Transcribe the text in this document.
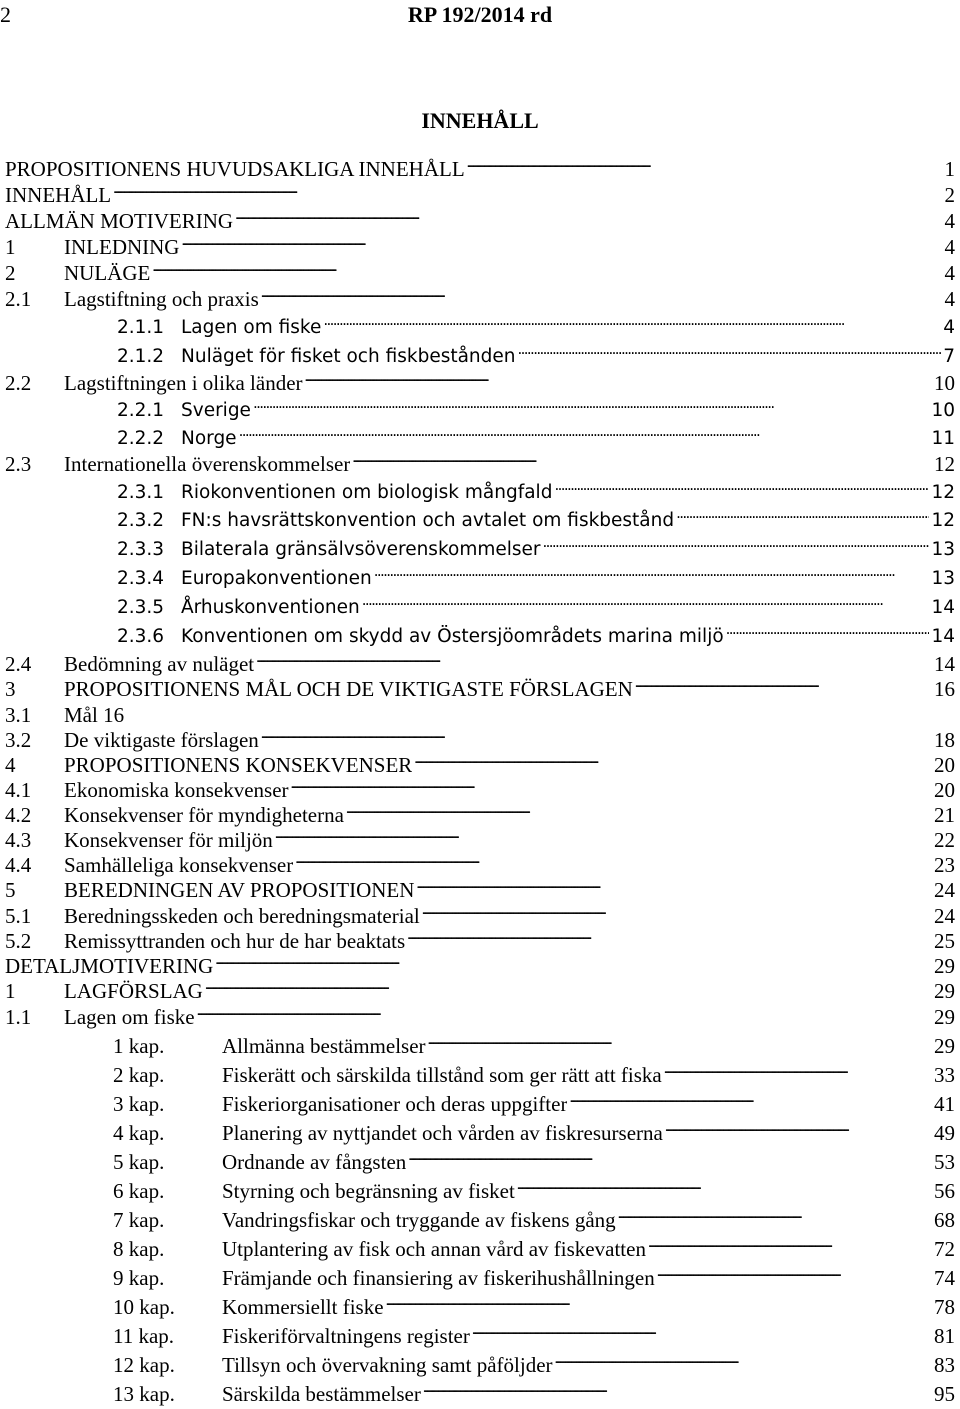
2	RP 192/2014 rd
INNEHÅLL
PROPOSITIONENS HUVUDSAKLIGA INNEHÅLL . . .	1
INNEHÅLL . . .	2
ALLMÄN MOTIVERING . . .	4
1	INLEDNING . . .	4
2	NULÄGE . . .	4
2.1	Lagstiftning och praxis . . .	4
2.1.1 Lagen om fiske . . .	4
2.1.2 Nuläget för fisket och fiskbestånden . . .	7
2.2	Lagstiftningen i olika länder . . .	10
2.2.1 Sverige . . .	10
2.2.2 Norge . . .	11
2.3	Internationella överenskommelser . . .	12
2.3.1 Riokonventionen om biologisk mångfald . . .	12
2.3.2 FN:s havsrättskonvention och avtalet om fiskbestånd . . .	12
2.3.3 Bilaterala gränsälvsöverenskommelser . . .	13
2.3.4 Europakonventionen . . .	13
2.3.5 Århuskonventionen . . .	14
2.3.6 Konventionen om skydd av Östersjöområdets marina miljö . . .	14
2.4	Bedömning av nuläget . . .	14
3	PROPOSITIONENS MÅL OCH DE VIKTIGASTE FÖRSLAGEN . . .	16
3.1	Mål 16
3.2	De viktigaste förslagen . . .	18
4	PROPOSITIONENS KONSEKVENSER . . .	20
4.1	Ekonomiska konsekvenser . . .	20
4.2	Konsekvenser för myndigheterna . . .	21
4.3	Konsekvenser för miljön . . .	22
4.4	Samhälleliga konsekvenser . . .	23
5	BEREDNINGEN AV PROPOSITIONEN . . .	24
5.1	Beredningsskeden och beredningsmaterial . . .	24
5.2	Remissyttranden och hur de har beaktats . . .	25
DETALJMOTIVERING . . .	29
1	LAGFÖRSLAG . . .	29
1.1	Lagen om fiske . . .	29
1 kap.	Allmänna bestämmelser . . .	29
2 kap.	Fiskerätt och särskilda tillstånd som ger rätt att fiska . . .	33
3 kap.	Fiskeriorganisationer och deras uppgifter . . .	41
4 kap.	Planering av nyttjandet och vården av fiskresurserna . . .	49
5 kap.	Ordnande av fångsten . . .	53
6 kap.	Styrning och begränsning av fisket . . .	56
7 kap.	Vandringsfiskar och tryggande av fiskens gång . . .	68
8 kap.	Utplantering av fisk och annan vård av fiskevatten . . .	72
9 kap.	Främjande och finansiering av fiskerihushållningen . . .	74
10 kap.	Kommersiellt fiske . . .	78
11 kap.	Fiskeriförvaltningens register . . .	81
12 kap.	Tillsyn och övervakning samt påföljder . . .	83
13 kap.	Särskilda bestämmelser . . .	95
